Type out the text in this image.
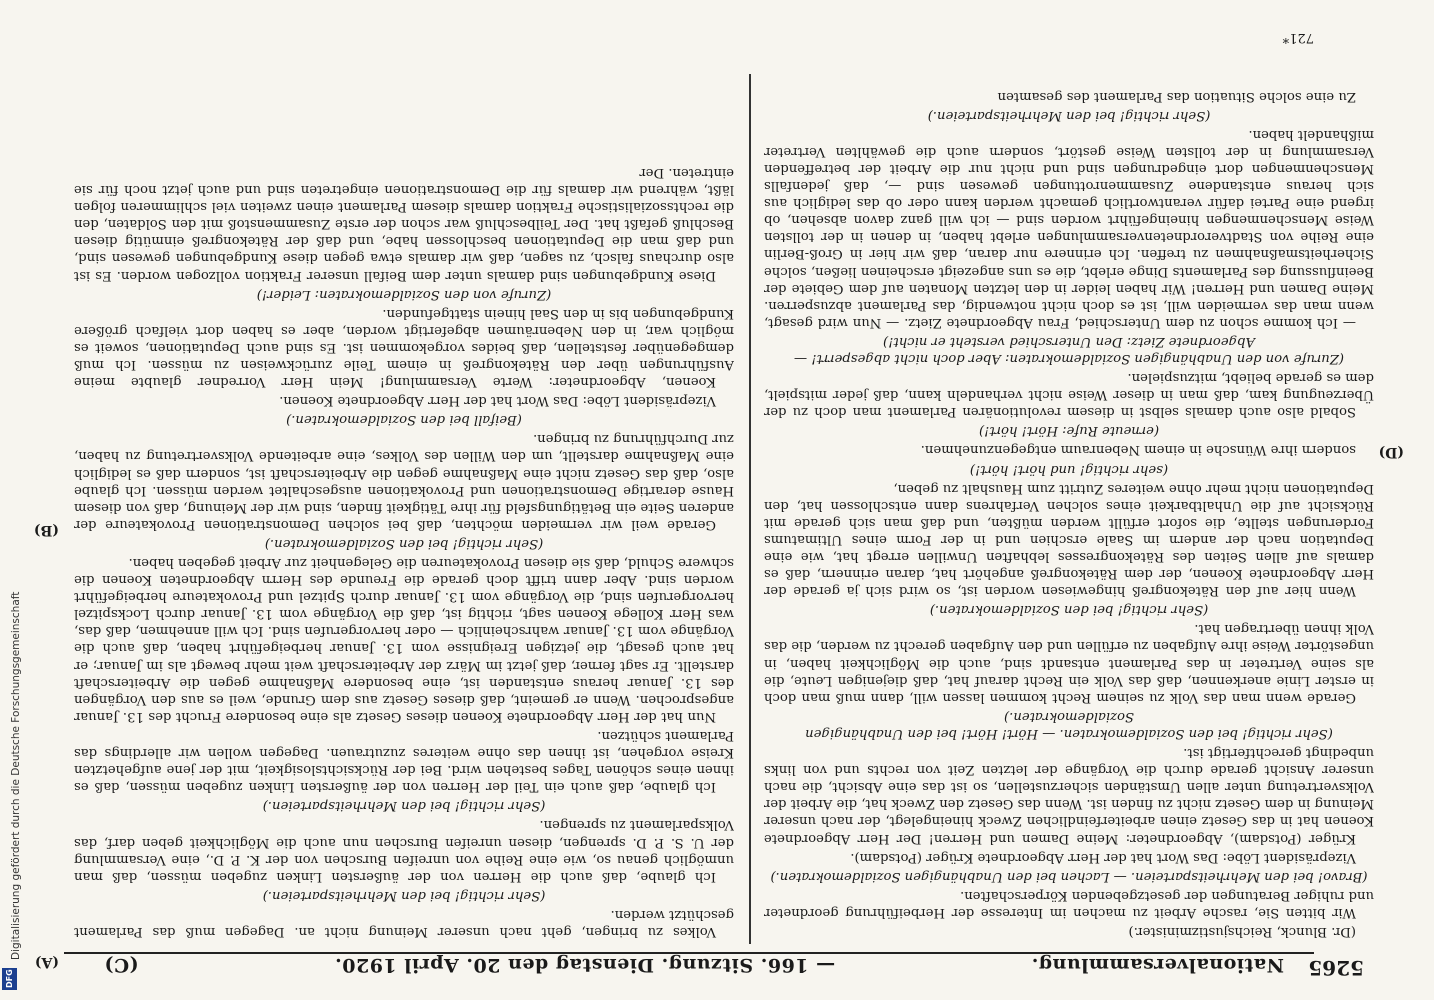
Digitalisierung gefördert durch die Deutsche Forschungsgemeinschaft
DFG	5265
Nationalversammlung.
— 166. Sitzung. Dienstag den 20. April 1920.
(C)
(A)
(B)
(D)

(Dr. Blunck, Reichsjustizminister.)

Wir bitten Sie, rasche Arbeit zu machen im Interesse der Herbeiführung geordneter und ruhiger Beratungen der gesetzgebenden Körperschaften.

(Bravo! bei den Mehrheitsparteien. — Lachen bei den Unabhängigen Sozialdemokraten.)

Vizepräsident Löbe: Das Wort hat der Herr Abgeordnete Krüger (Potsdam).

Krüger (Potsdam), Abgeordneter: Meine Damen und Herren! Der Herr Abgeordnete Koenen hat in das Gesetz einen arbeiterfeindlichen Zweck hineingelegt, der nach unserer Meinung in dem Gesetz nicht zu finden ist. Wenn das Gesetz den Zweck hat, die Arbeit der Volksvertretung unter allen Umständen sicherzustellen, so ist das eine Absicht, die nach unserer Ansicht gerade durch die Vorgänge der letzten Zeit von rechts und von links unbedingt gerechtfertigt ist.

(Sehr richtig! bei den Sozialdemokraten. — Hört! Hört! bei den Unabhängigen Sozialdemokraten.)

Gerade wenn man das Volk zu seinem Recht kommen lassen will, dann muß man doch in erster Linie anerkennen, daß das Volk ein Recht darauf hat, daß diejenigen Leute, die als seine Vertreter in das Parlament entsandt sind, auch die Möglichkeit haben, in ungestörter Weise ihre Aufgaben zu erfüllen und den Aufgaben gerecht zu werden, die das Volk ihnen übertragen hat.

(Sehr richtig! bei den Sozialdemokraten.)

Wenn hier auf den Rätekongreß hingewiesen worden ist, so wird sich ja gerade der Herr Abgeordnete Koenen, der dem Rätekongreß angehört hat, daran erinnern, daß es damals auf allen Seiten des Rätekongresses lebhaften Unwillen erregt hat, wie eine Deputation nach der andern im Saale erschien und in der Form eines Ultimatums Forderungen stellte, die sofort erfüllt werden müßten, und daß man sich gerade mit Rücksicht auf die Unhaltbarkeit eines solchen Verfahrens dann entschlossen hat, den Deputationen nicht mehr ohne weiteres Zutritt zum Haushalt zu geben,

(sehr richtig! und hört! hört!)

sondern ihre Wünsche in einem Nebenraum entgegenzunehmen.

(erneute Rufe: Hört! hört!)

Sobald also auch damals selbst in diesem revolutionären Parlament man doch zu der Überzeugung kam, daß man in dieser Weise nicht verhandeln kann, daß jeder mitspielt, dem es gerade beliebt, mitzuspielen.

(Zurufe von den Unabhängigen Sozialdemokraten: Aber doch nicht abgesperrt! — Abgeordnete Zietz: Den Unterschied versteht er nicht!)

— Ich komme schon zu dem Unterschied, Frau Abgeordnete Zietz. — Nun wird gesagt, wenn man das vermeiden will, ist es doch nicht notwendig, das Parlament abzusperren. Meine Damen und Herren! Wir haben leider in den letzten Monaten auf dem Gebiete der Beeinflussung des Parlaments Dinge erlebt, die es uns angezeigt erscheinen ließen, solche Sicherheitsmaßnahmen zu treffen. Ich erinnere nur daran, daß wir hier in Groß-Berlin eine Reihe von Stadtverordnetenversammlungen erlebt haben, in denen in der tollsten Weise Menschenmengen hineingeführt worden sind — ich will ganz davon absehen, ob irgend eine Partei dafür verantwortlich gemacht werden kann oder ob das lediglich aus sich heraus entstandene Zusammenrottungen gewesen sind —, daß jedenfalls Menschenmengen dort eingedrungen sind und nicht nur die Arbeit der betreffenden Versammlung in der tollsten Weise gestört, sondern auch die gewählten Vertreter mißhandelt haben.

(Sehr richtig! bei den Mehrheitsparteien.)

Zu eine solche Situation das Parlament des gesamten

Volkes zu bringen, geht nach unserer Meinung nicht an. Dagegen muß das Parlament geschützt werden.

(Sehr richtig! bei den Mehrheitsparteien.)

Ich glaube, daß auch die Herren von der äußersten Linken zugeben müssen, daß man unmöglich genau so, wie eine Reihe von unreifen Burschen von der K. P. D., eine Versammlung der U. S. P. D. sprengen, diesen unreifen Burschen nun auch die Möglichkeit geben darf, das Volksparlament zu sprengen.

(Sehr richtig! bei den Mehrheitsparteien.)

Ich glaube, daß auch ein Teil der Herren von der äußersten Linken zugeben müssen, daß es ihnen eines schönen Tages bestehen wird. Bei der Rücksichtslosigkeit, mit der jene aufgehetzten Kreise vorgehen, ist ihnen das ohne weiteres zuzutrauen. Dagegen wollen wir allerdings das Parlament schützen.

Nun hat der Herr Abgeordnete Koenen dieses Gesetz als eine besondere Frucht des 13. Januar angesprochen. Wenn er gemeint, daß dieses Gesetz aus dem Grunde, weil es aus den Vorgängen des 13. Januar heraus entstanden ist, eine besondere Maßnahme gegen die Arbeiterschaft darstellt. Er sagt ferner, daß jetzt im März der Arbeiterschaft weit mehr bewegt als im Januar; er hat auch gesagt, die jetzigen Ereignisse vom 13. Januar herbeigeführt haben, daß auch die Vorgänge vom 13. Januar wahrscheinlich — oder hervorgerufen sind. Ich will annehmen, daß das, was Herr Kollege Koenen sagt, richtig ist, daß die Vorgänge vom 13. Januar durch Lockspitzel hervorgerufen sind, die Vorgänge vom 13. Januar durch Spitzel und Provokateure herbeigeführt worden sind. Aber dann trifft doch gerade die Freunde des Herrn Abgeordneten Koenen die schwere Schuld, daß sie diesen Provokateuren die Gelegenheit zur Arbeit gegeben haben.

(Sehr richtig! bei den Sozialdemokraten.)

Gerade weil wir vermeiden möchten, daß bei solchen Demonstrationen Provokateure der anderen Seite ein Betätigungsfeld für ihre Tätigkeit finden, sind wir der Meinung, daß von diesem Hause derartige Demonstrationen und Provokationen ausgeschaltet werden müssen. Ich glaube also, daß das Gesetz nicht eine Maßnahme gegen die Arbeiterschaft ist, sondern daß es lediglich eine Maßnahme darstellt, um den Willen des Volkes, eine arbeitende Volksvertretung zu haben, zur Durchführung zu bringen.

(Beifall bei den Sozialdemokraten.)

Vizepräsident Löbe: Das Wort hat der Herr Abgeordnete Koenen.

Koenen, Abgeordneter: Werte Versammlung! Mein Herr Vorredner glaubte meine Ausführungen über den Rätekongreß in einem Teile zurückweisen zu müssen. Ich muß demgegenüber feststellen, daß beides vorgekommen ist. Es sind auch Deputationen, soweit es möglich war, in den Nebenräumen abgefertigt worden, aber es haben dort vielfach größere Kundgebungen bis in den Saal hinein stattgefunden.

(Zurufe von den Sozialdemokraten: Leider!)

Diese Kundgebungen sind damals unter dem Beifall unserer Fraktion vollzogen worden. Es ist also durchaus falsch, zu sagen, daß wir damals etwa gegen diese Kundgebungen gewesen sind, und daß man die Deputationen beschlossen habe, und daß der Rätekongreß einmütig diesen Beschluß gefaßt hat. Der Teilbeschluß war schon der erste Zusammenstoß mit den Soldaten, den die rechtssozialistische Fraktion damals diesem Parlament einen zweiten viel schlimmeren folgen läßt, während wir damals für die Demonstrationen eingetreten sind und auch jetzt noch für sie eintreten. Der

721*
